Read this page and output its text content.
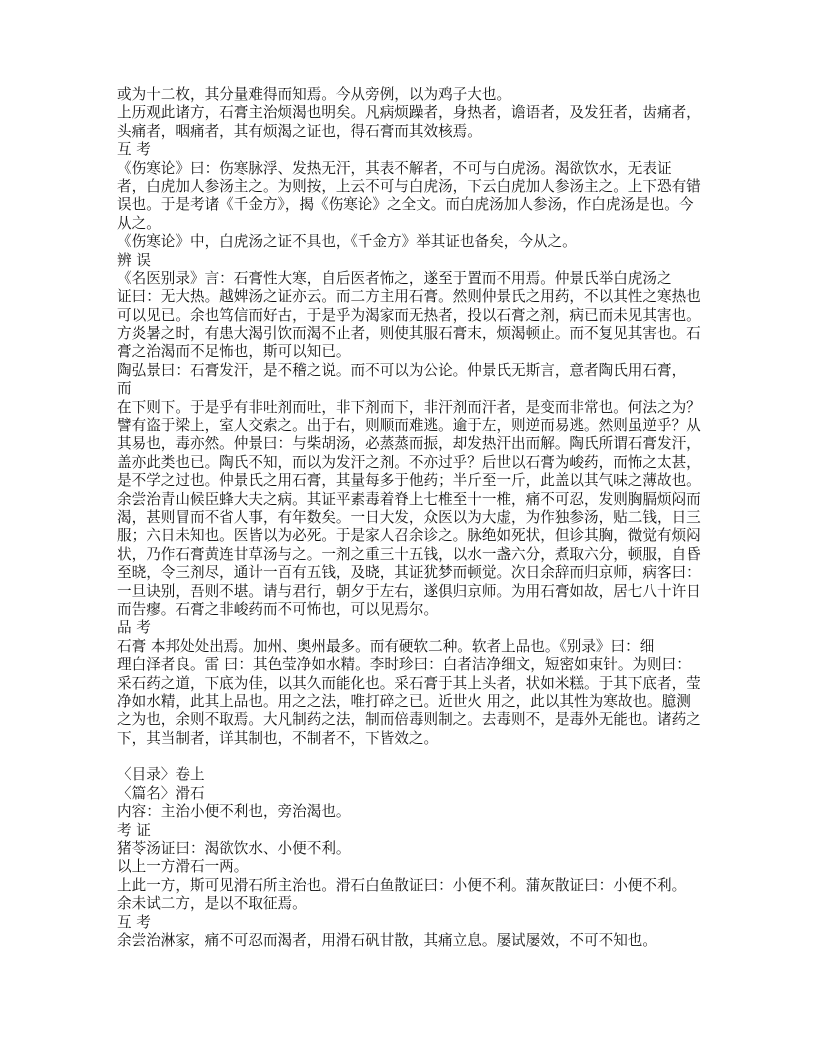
或为十二枚，其分量难得而知焉。今从旁例，以为鸡子大也。
上历观此诸方，石膏主治烦渴也明矣。凡病烦躁者，身热者，谵语者，及发狂者，齿痛者，
头痛者，咽痛者，其有烦渴之证也，得石膏而其效核焉。
互 考
《伤寒论》曰：伤寒脉浮、发热无汗，其表不解者，不可与白虎汤。渴欲饮水，无表证
者，白虎加人参汤主之。为则按，上云不可与白虎汤，下云白虎加人参汤主之。上下恐有错
误也。于是考诸《千金方》，揭《伤寒论》之全文。而白虎汤加人参汤，作白虎汤是也。今
从之。
《伤寒论》中，白虎汤之证不具也，《千金方》举其证也备矣，今从之。
辨 误
《名医别录》言：石膏性大寒，自后医者怖之，遂至于置而不用焉。仲景氏举白虎汤之
证曰：无大热。越婢汤之证亦云。而二方主用石膏。然则仲景氏之用药，不以其性之寒热也
可以见已。余也笃信而好古，于是乎为渴家而无热者，投以石膏之剂，病已而未见其害也。
方炎暑之时，有患大渴引饮而渴不止者，则使其服石膏末，烦渴顿止。而不复见其害也。石
膏之治渴而不足怖也，斯可以知已。
陶弘景曰：石膏发汗，是不稽之说。而不可以为公论。仲景氏无斯言，意者陶氏用石膏，
而
在下则下。于是乎有非吐剂而吐，非下剂而下，非汗剂而汗者，是变而非常也。何法之为？
譬有盗于梁上，室人交索之。出于右，则顺而难逃。逾于左，则逆而易逃。然则虽逆乎？从
其易也，毒亦然。仲景曰：与柴胡汤，必蒸蒸而振，却发热汗出而解。陶氏所谓石膏发汗，
盖亦此类也已。陶氏不知，而以为发汗之剂。不亦过乎？后世以石膏为峻药，而怖之太甚，
是不学之过也。仲景氏之用石膏，其量每多于他药；半斤至一斤，此盖以其气味之薄故也。
余尝治青山候臣蜂大夫之病。其证平素毒着脊上七椎至十一椎，痛不可忍，发则胸膈烦闷而
渴，甚则冒而不省人事，有年数矣。一日大发，众医以为大虚，为作独参汤，贴二钱，日三
服；六日未知也。医皆以为必死。于是家人召余诊之。脉绝如死状，但诊其胸，微觉有烦闷
状，乃作石膏黄连甘草汤与之。一剂之重三十五钱，以水一盏六分，煮取六分，顿服，自昏
至晓，令三剂尽，通计一百有五钱，及晓，其证犹梦而顿觉。次日余辞而归京师，病客曰：
一旦诀别，吾则不堪。请与君行，朝夕于左右，遂俱归京师。为用石膏如故，居七八十许日
而告瘳。石膏之非峻药而不可怖也，可以见焉尔。
品 考
石膏 本邦处处出焉。加州、奥州最多。而有硬软二种。软者上品也。《别录》曰：细
理白泽者良。雷 曰：其色莹净如水精。李时珍曰：白者洁净细文，短密如束针。为则曰：
采石药之道，下底为佳，以其久而能化也。采石膏于其上头者，状如米糕。于其下底者，莹
净如水精，此其上品也。用之之法，唯打碎之已。近世火 用之，此以其性为寒故也。臆测
之为也，余则不取焉。大凡制药之法，制而倍毒则制之。去毒则不，是毒外无能也。诸药之
下，其当制者，详其制也，不制者不，下皆效之。
〈目录〉卷上
〈篇名〉滑石
内容：主治小便不利也，旁治渴也。
考 证
猪苓汤证曰：渴欲饮水、小便不利。
以上一方滑石一两。
上此一方，斯可见滑石所主治也。滑石白鱼散证曰：小便不利。蒲灰散证曰：小便不利。
余未试二方，是以不取征焉。
互 考
余尝治淋家，痛不可忍而渴者，用滑石矾甘散，其痛立息。屡试屡效，不可不知也。
